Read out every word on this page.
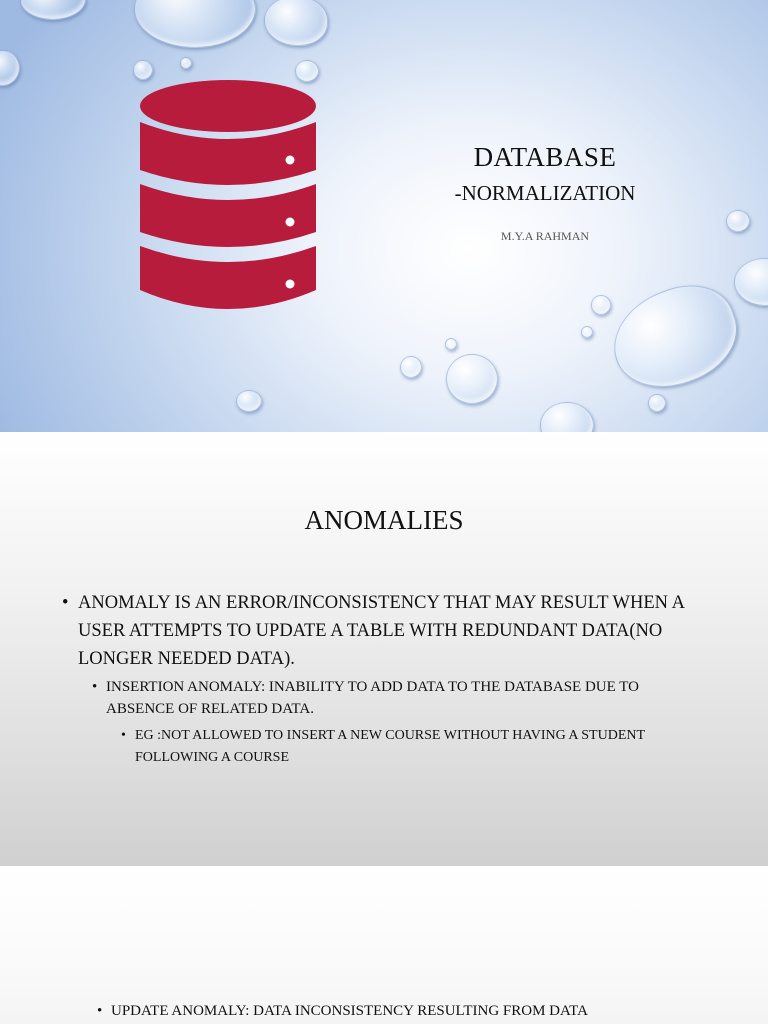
DATABASE
-NORMALIZATION
M.Y.A RAHMAN
ANOMALIES
• ANOMALY IS AN ERROR/INCONSISTENCY THAT MAY RESULT WHEN A USER ATTEMPTS TO UPDATE A TABLE WITH REDUNDANT DATA(NO LONGER NEEDED DATA).
• INSERTION ANOMALY: INABILITY TO ADD DATA TO THE DATABASE DUE TO ABSENCE OF RELATED DATA.
• EG :NOT ALLOWED TO INSERT A NEW COURSE WITHOUT HAVING A STUDENT FOLLOWING A COURSE
• UPDATE ANOMALY: DATA INCONSISTENCY RESULTING FROM DATA
